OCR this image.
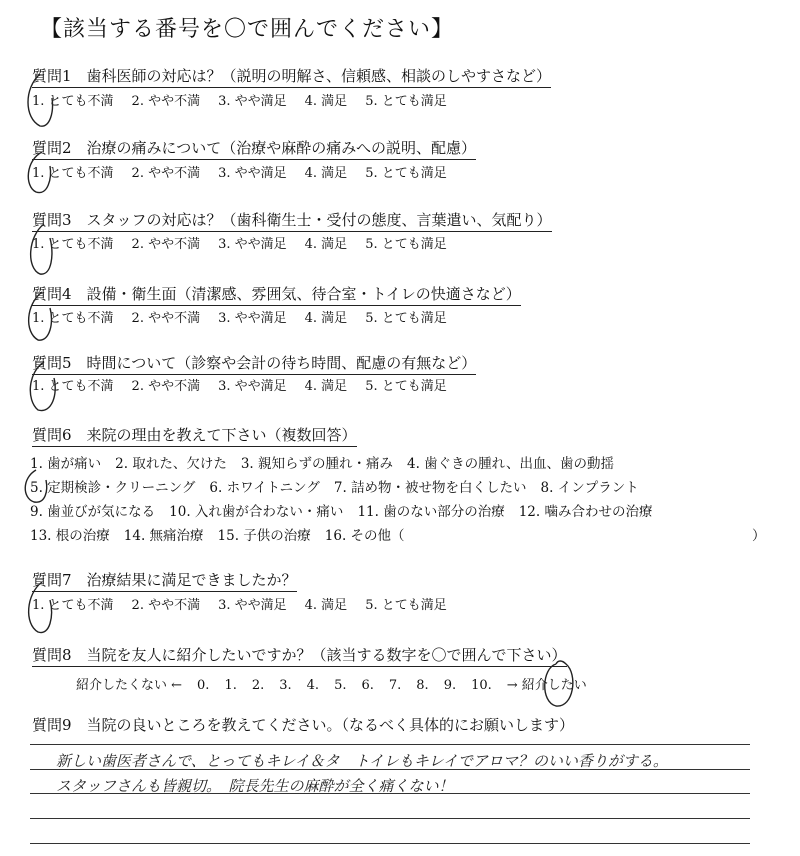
【該当する番号を〇で囲んでください】
質問1　歯科医師の対応は？（説明の明解さ、信頼感、相談のしやすさなど）
1. とても不満 2. やや不満 3. やや満足 4. 満足 5. とても満足
質問2　治療の痛みについて（治療や麻酔の痛みへの説明、配慮）
1. とても不満 2. やや不満 3. やや満足 4. 満足 5. とても満足
質問3　スタッフの対応は？（歯科衛生士・受付の態度、言葉遣い、気配り）
1. とても不満 2. やや不満 3. やや満足 4. 満足 5. とても満足
質問4　設備・衛生面（清潔感、雰囲気、待合室・トイレの快適さなど）
1. とても不満 2. やや不満 3. やや満足 4. 満足 5. とても満足
質問5　時間について（診察や会計の待ち時間、配慮の有無など）
1. とても不満 2. やや不満 3. やや満足 4. 満足 5. とても満足
質問6　来院の理由を教えて下さい（複数回答）
1. 歯が痛い 2. 取れた、欠けた 3. 親知らずの腫れ・痛み 4. 歯ぐきの腫れ、出血、歯の動揺
5. 定期検診・クリーニング 6. ホワイトニング 7. 詰め物・被せ物を白くしたい 8. インプラント
9. 歯並びが気になる 10. 入れ歯が合わない・痛い 11. 歯のない部分の治療 12. 噛み合わせの治療
13. 根の治療 14. 無痛治療 15. 子供の治療 16. その他（	）
質問7　治療結果に満足できましたか？
1. とても不満 2. やや不満 3. やや満足 4. 満足 5. とても満足
質問8　当院を友人に紹介したいですか？（該当する数字を〇で囲んで下さい）
紹介したくない ← 0. 1. 2. 3. 4. 5. 6. 7. 8. 9. 10. → 紹介したい
質問9　当院の良いところを教えてください。（なるべく具体的にお願いします）
新しい歯医者さんで、とってもキレイ＆タ　トイレもキレイでアロマ？のいい香りがする。
スタッフさんも皆親切。　院長先生の麻酔が全く痛くない！
